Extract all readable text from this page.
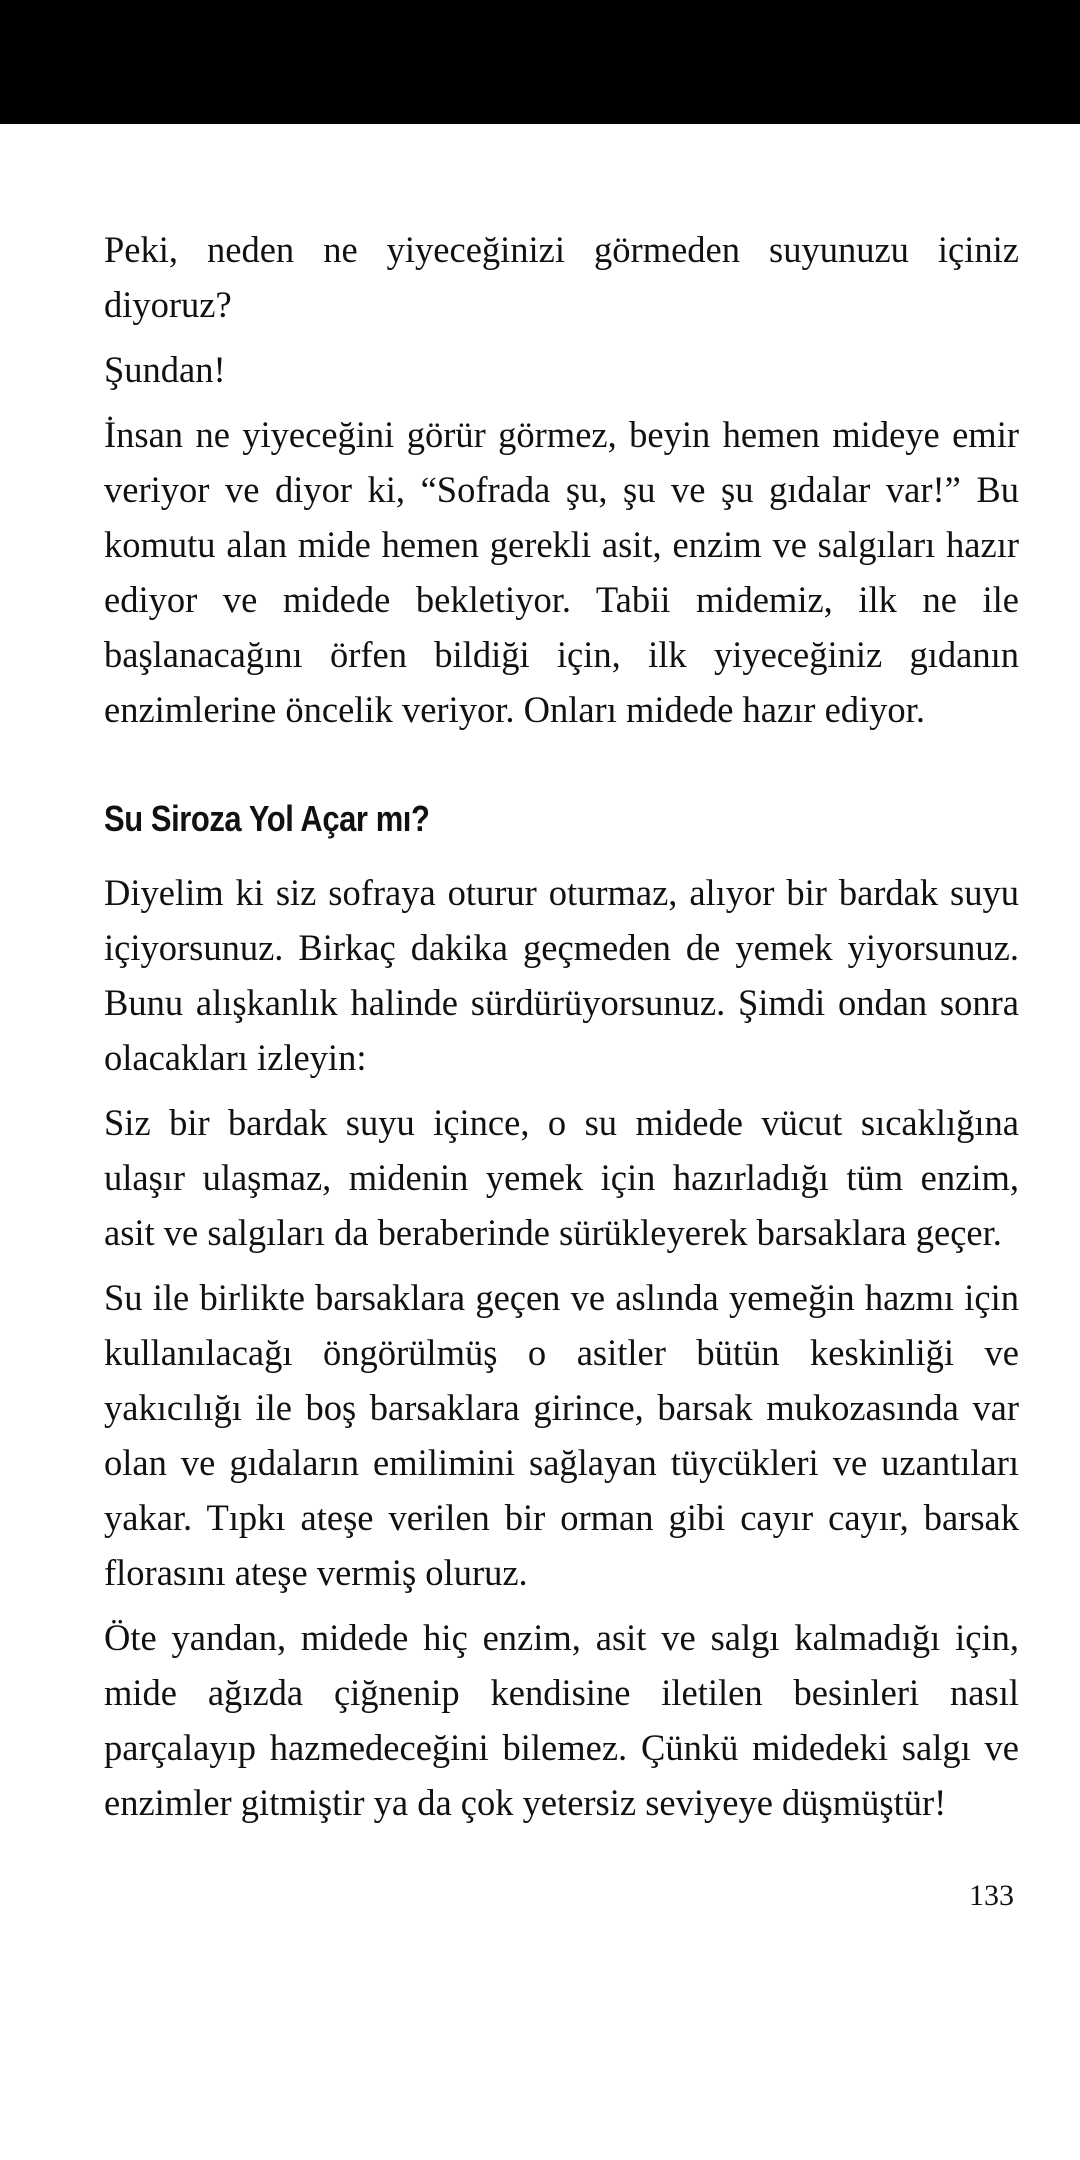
Peki, neden ne yiyeceğinizi görmeden suyunuzu içiniz diyoruz?

Şundan!

İnsan ne yiyeceğini görür görmez, beyin hemen mideye emir veriyor ve diyor ki, “Sofrada şu, şu ve şu gıdalar var!” Bu komutu alan mide hemen gerekli asit, enzim ve salgıları hazır ediyor ve midede bekletiyor. Tabii midemiz, ilk ne ile başlanacağını örfen bildiği için, ilk yiyeceğiniz gıdanın enzimlerine öncelik veriyor. Onları midede hazır ediyor.

Su Siroza Yol Açar mı?

Diyelim ki siz sofraya oturur oturmaz, alıyor bir bardak suyu içiyorsunuz. Birkaç dakika geçmeden de yemek yiyorsunuz. Bunu alışkanlık halinde sürdürüyorsunuz. Şimdi ondan sonra olacakları izleyin:

Siz bir bardak suyu içince, o su midede vücut sıcaklığına ulaşır ulaşmaz, midenin yemek için hazırladığı tüm enzim, asit ve salgıları da beraberinde sürükleyerek barsaklara geçer.

Su ile birlikte barsaklara geçen ve aslında yemeğin hazmı için kullanılacağı öngörülmüş o asitler bütün keskinliği ve yakıcılığı ile boş barsaklara girince, barsak mukozasında var olan ve gıdaların emilimini sağlayan tüycükleri ve uzantıları yakar. Tıpkı ateşe verilen bir orman gibi cayır cayır, barsak florasını ateşe vermiş oluruz.

Öte yandan, midede hiç enzim, asit ve salgı kalmadığı için, mide ağızda çiğnenip kendisine iletilen besinleri nasıl parçalayıp hazmedeceğini bilemez. Çünkü midedeki salgı ve enzimler gitmiştir ya da çok yetersiz seviyeye düşmüştür!

133
